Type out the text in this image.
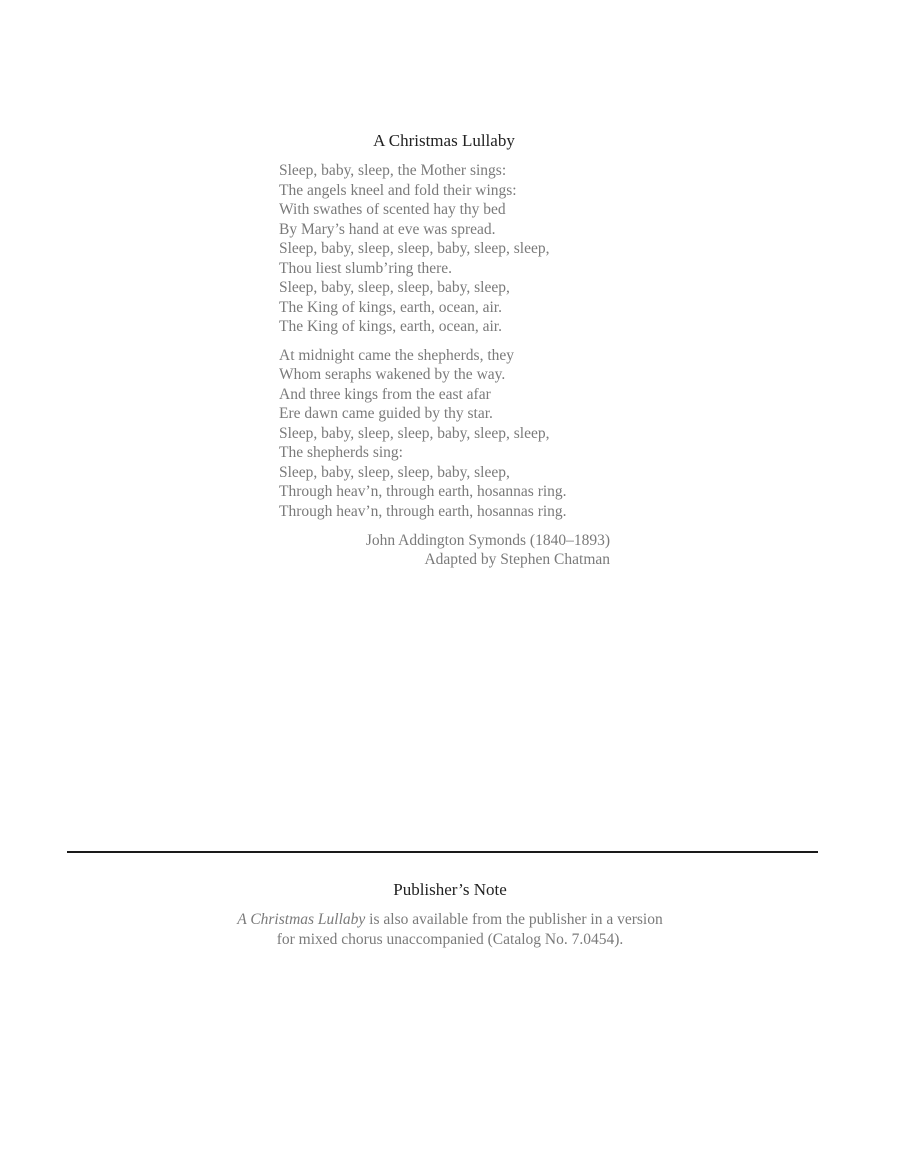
A Christmas Lullaby
Sleep, baby, sleep, the Mother sings:
The angels kneel and fold their wings:
With swathes of scented hay thy bed
By Mary’s hand at eve was spread.
Sleep, baby, sleep, sleep, baby, sleep, sleep,
Thou liest slumb’ring there.
Sleep, baby, sleep, sleep, baby, sleep,
The King of kings, earth, ocean, air.
The King of kings, earth, ocean, air.
At midnight came the shepherds, they
Whom seraphs wakened by the way.
And three kings from the east afar
Ere dawn came guided by thy star.
Sleep, baby, sleep, sleep, baby, sleep, sleep,
The shepherds sing:
Sleep, baby, sleep, sleep, baby, sleep,
Through heav’n, through earth, hosannas ring.
Through heav’n, through earth, hosannas ring.
John Addington Symonds (1840–1893)
Adapted by Stephen Chatman
Publisher’s Note
A Christmas Lullaby is also available from the publisher in a version
for mixed chorus unaccompanied (Catalog No. 7.0454).
